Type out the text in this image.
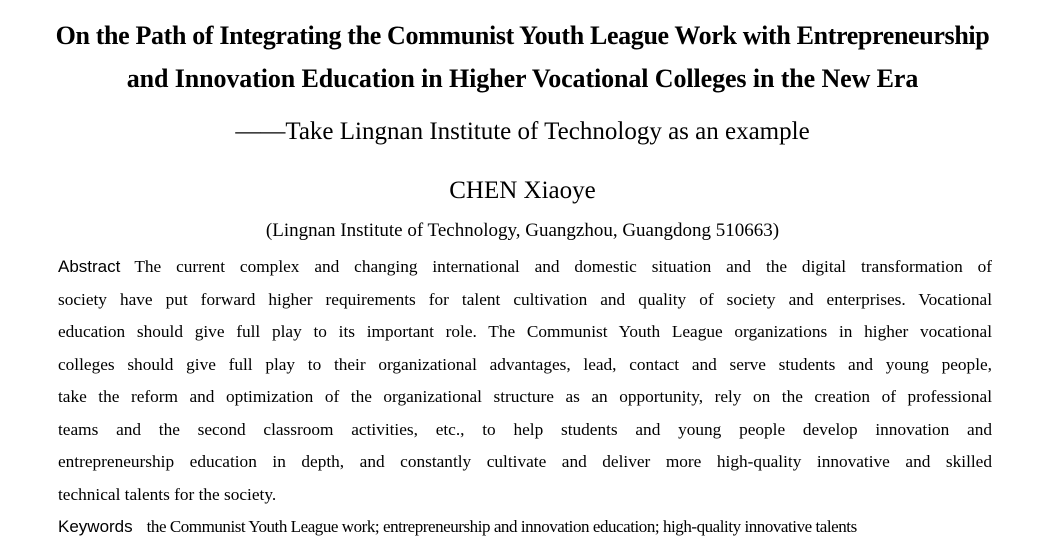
On the Path of Integrating the Communist Youth League Work with Entrepreneurship
and Innovation Education in Higher Vocational Colleges in the New Era
——Take Lingnan Institute of Technology as an example
CHEN Xiaoye
(Lingnan Institute of Technology, Guangzhou, Guangdong 510663)
Abstract The current complex and changing international and domestic situation and the digital transformation of
society have put forward higher requirements for talent cultivation and quality of society and enterprises. Vocational
education should give full play to its important role. The Communist Youth League organizations in higher vocational
colleges should give full play to their organizational advantages, lead, contact and serve students and young people,
take the reform and optimization of the organizational structure as an opportunity, rely on the creation of professional
teams and the second classroom activities, etc., to help students and young people develop innovation and
entrepreneurship education in depth, and constantly cultivate and deliver more high-quality innovative and skilled
technical talents for the society.
Keywords the Communist Youth League work; entrepreneurship and innovation education; high-quality innovative talents
